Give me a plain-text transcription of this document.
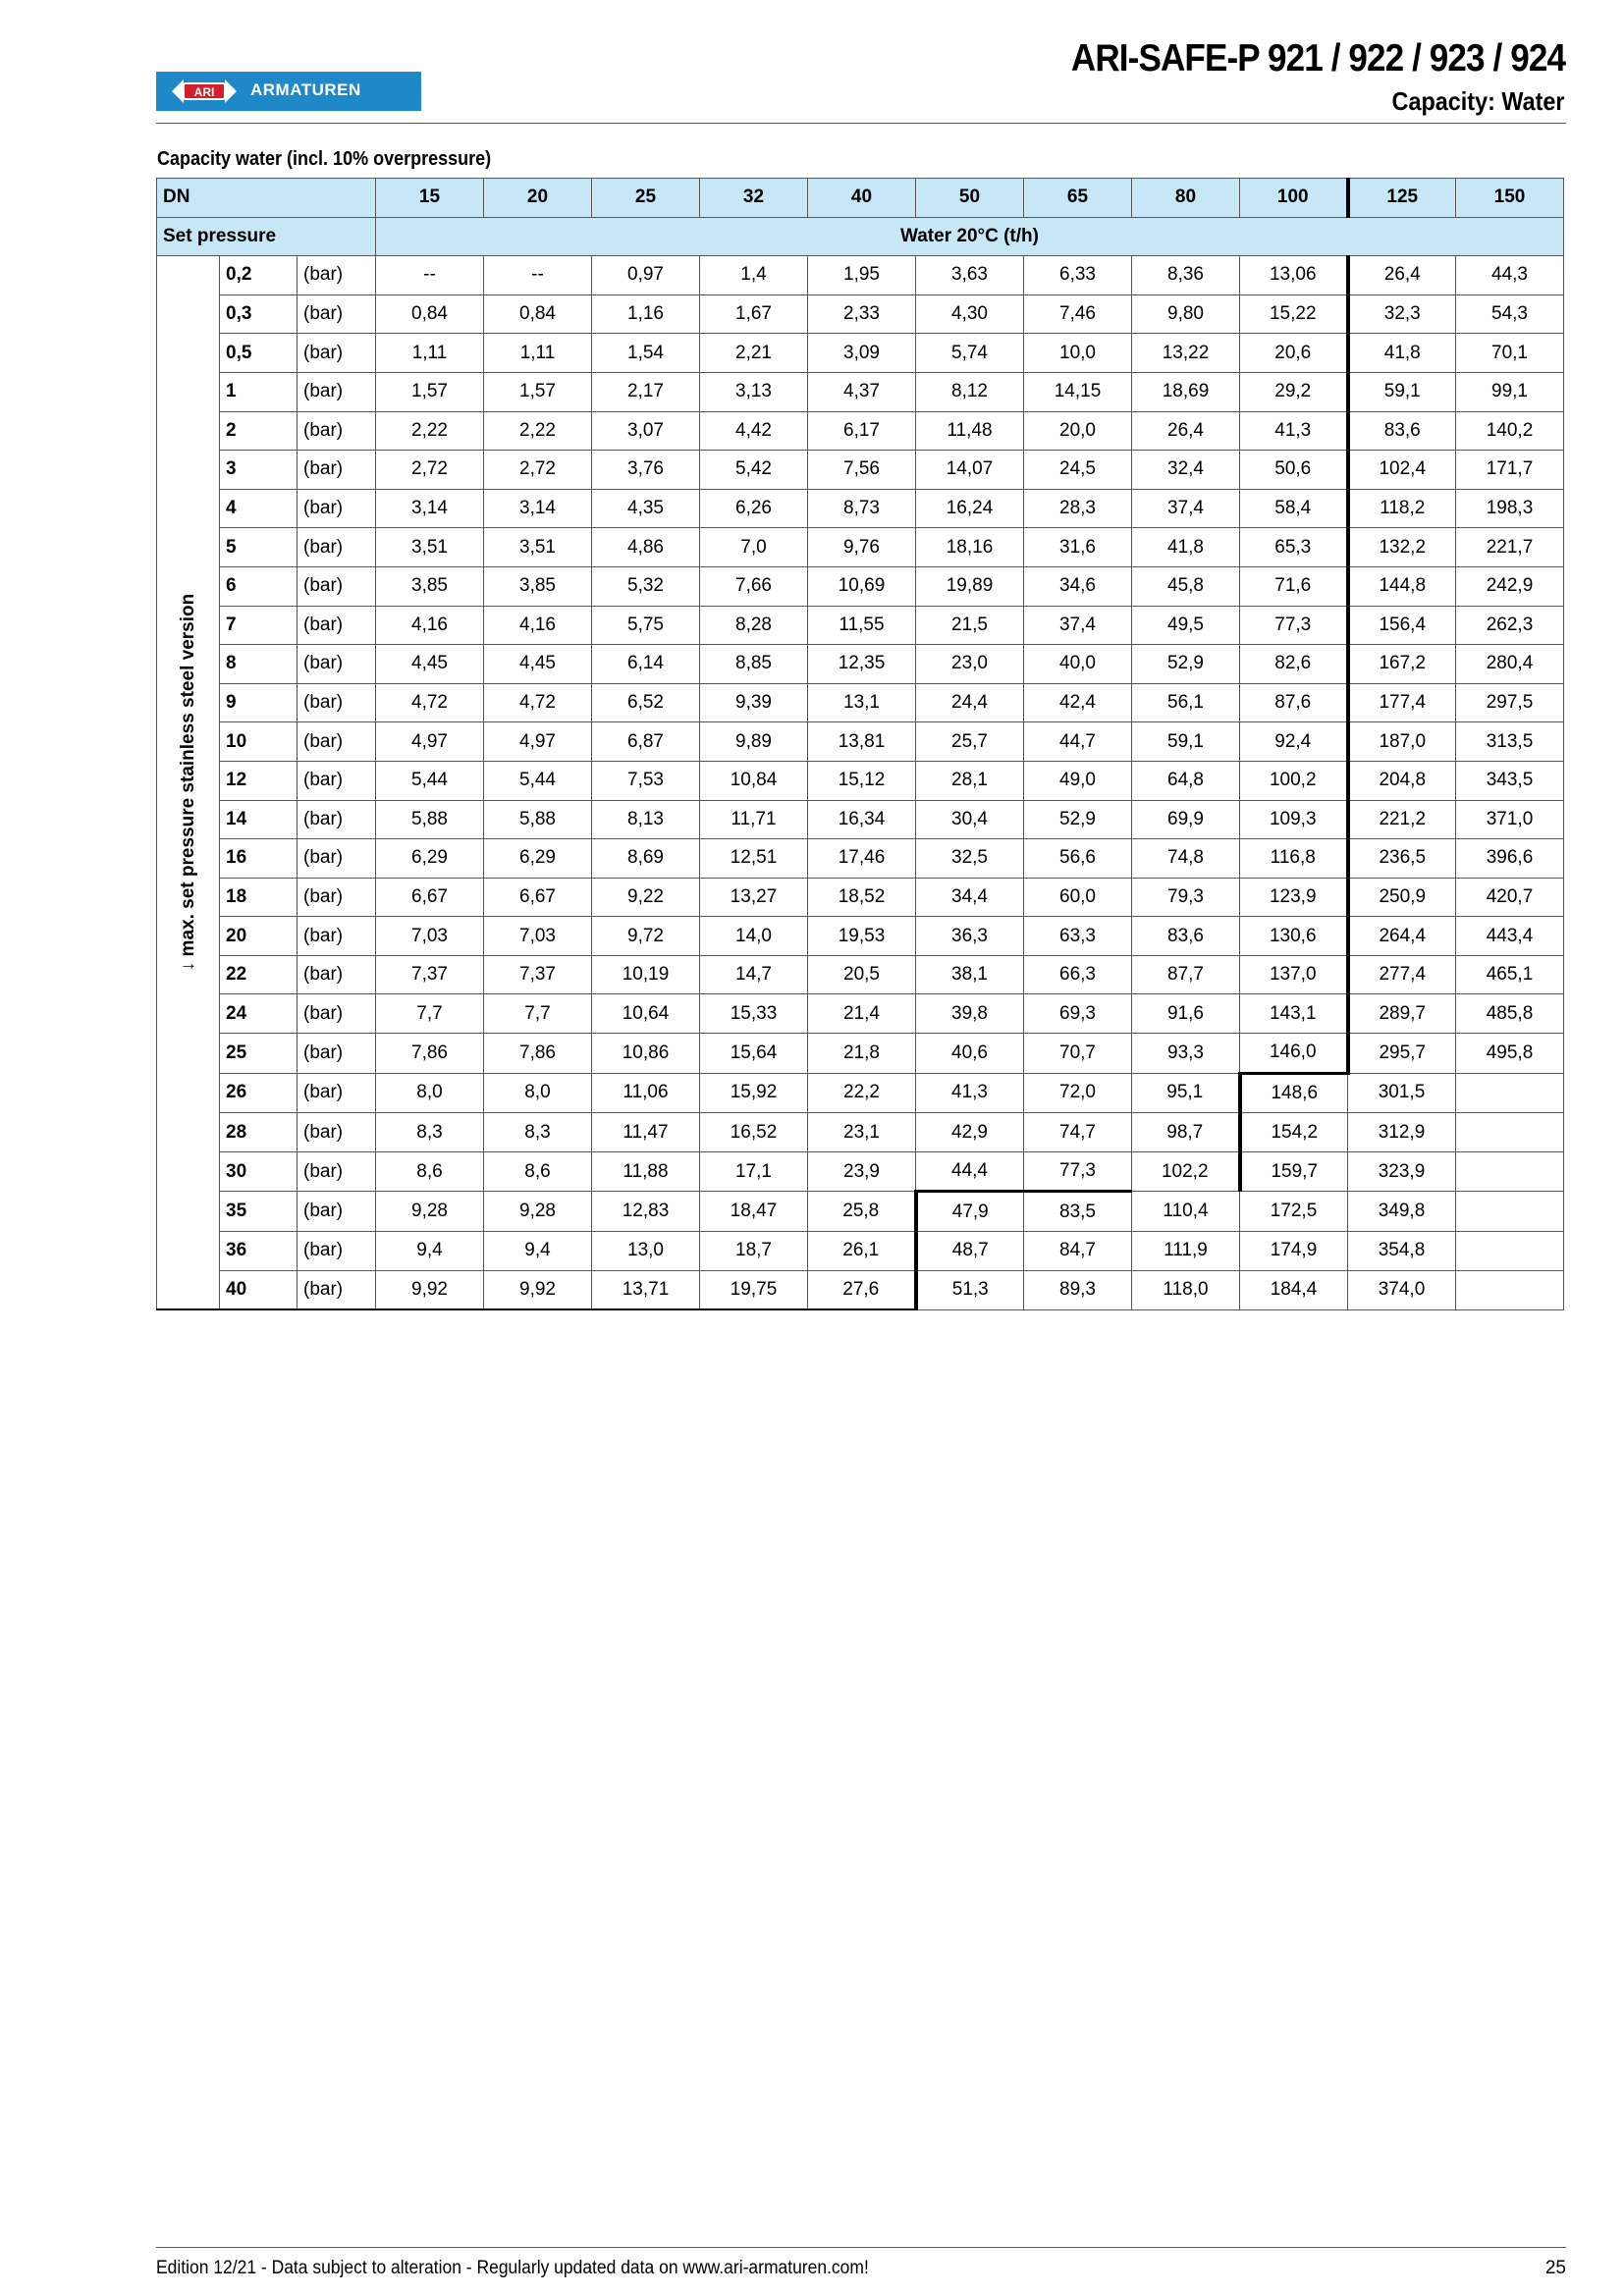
ARI ARMATUREN
ARI-SAFE-P 921 / 922 / 923 / 924
Capacity: Water
Capacity water (incl. 10% overpressure)
DN			15	20	25	32	40	50	65	80	100	125	150
Set pressure			Water 20°C (t/h)										

↓ max. set pressure stainless steel version	0,2	(bar)	--	--	0,97	1,4	1,95	3,63	6,33	8,36	13,06	26,4	44,3
	0,3	(bar)	0,84	0,84	1,16	1,67	2,33	4,30	7,46	9,80	15,22	32,3	54,3
	0,5	(bar)	1,11	1,11	1,54	2,21	3,09	5,74	10,0	13,22	20,6	41,8	70,1
	1	(bar)	1,57	1,57	2,17	3,13	4,37	8,12	14,15	18,69	29,2	59,1	99,1
	2	(bar)	2,22	2,22	3,07	4,42	6,17	11,48	20,0	26,4	41,3	83,6	140,2
	3	(bar)	2,72	2,72	3,76	5,42	7,56	14,07	24,5	32,4	50,6	102,4	171,7
	4	(bar)	3,14	3,14	4,35	6,26	8,73	16,24	28,3	37,4	58,4	118,2	198,3
	5	(bar)	3,51	3,51	4,86	7,0	9,76	18,16	31,6	41,8	65,3	132,2	221,7
	6	(bar)	3,85	3,85	5,32	7,66	10,69	19,89	34,6	45,8	71,6	144,8	242,9
	7	(bar)	4,16	4,16	5,75	8,28	11,55	21,5	37,4	49,5	77,3	156,4	262,3
	8	(bar)	4,45	4,45	6,14	8,85	12,35	23,0	40,0	52,9	82,6	167,2	280,4
	9	(bar)	4,72	4,72	6,52	9,39	13,1	24,4	42,4	56,1	87,6	177,4	297,5
	10	(bar)	4,97	4,97	6,87	9,89	13,81	25,7	44,7	59,1	92,4	187,0	313,5
	12	(bar)	5,44	5,44	7,53	10,84	15,12	28,1	49,0	64,8	100,2	204,8	343,5
	14	(bar)	5,88	5,88	8,13	11,71	16,34	30,4	52,9	69,9	109,3	221,2	371,0
	16	(bar)	6,29	6,29	8,69	12,51	17,46	32,5	56,6	74,8	116,8	236,5	396,6
	18	(bar)	6,67	6,67	9,22	13,27	18,52	34,4	60,0	79,3	123,9	250,9	420,7
	20	(bar)	7,03	7,03	9,72	14,0	19,53	36,3	63,3	83,6	130,6	264,4	443,4
	22	(bar)	7,37	7,37	10,19	14,7	20,5	38,1	66,3	87,7	137,0	277,4	465,1
	24	(bar)	7,7	7,7	10,64	15,33	21,4	39,8	69,3	91,6	143,1	289,7	485,8
	25	(bar)	7,86	7,86	10,86	15,64	21,8	40,6	70,7	93,3	146,0	295,7	495,8
	26	(bar)	8,0	8,0	11,06	15,92	22,2	41,3	72,0	95,1	148,6	301,5	
	28	(bar)	8,3	8,3	11,47	16,52	23,1	42,9	74,7	98,7	154,2	312,9	
	30	(bar)	8,6	8,6	11,88	17,1	23,9	44,4	77,3	102,2	159,7	323,9	
	35	(bar)	9,28	9,28	12,83	18,47	25,8	47,9	83,5	110,4	172,5	349,8	
	36	(bar)	9,4	9,4	13,0	18,7	26,1	48,7	84,7	111,9	174,9	354,8	
	40	(bar)	9,92	9,92	13,71	19,75	27,6	51,3	89,3	118,0	184,4	374,0	
Edition 12/21 - Data subject to alteration - Regularly updated data on www.ari-armaturen.com!	25
